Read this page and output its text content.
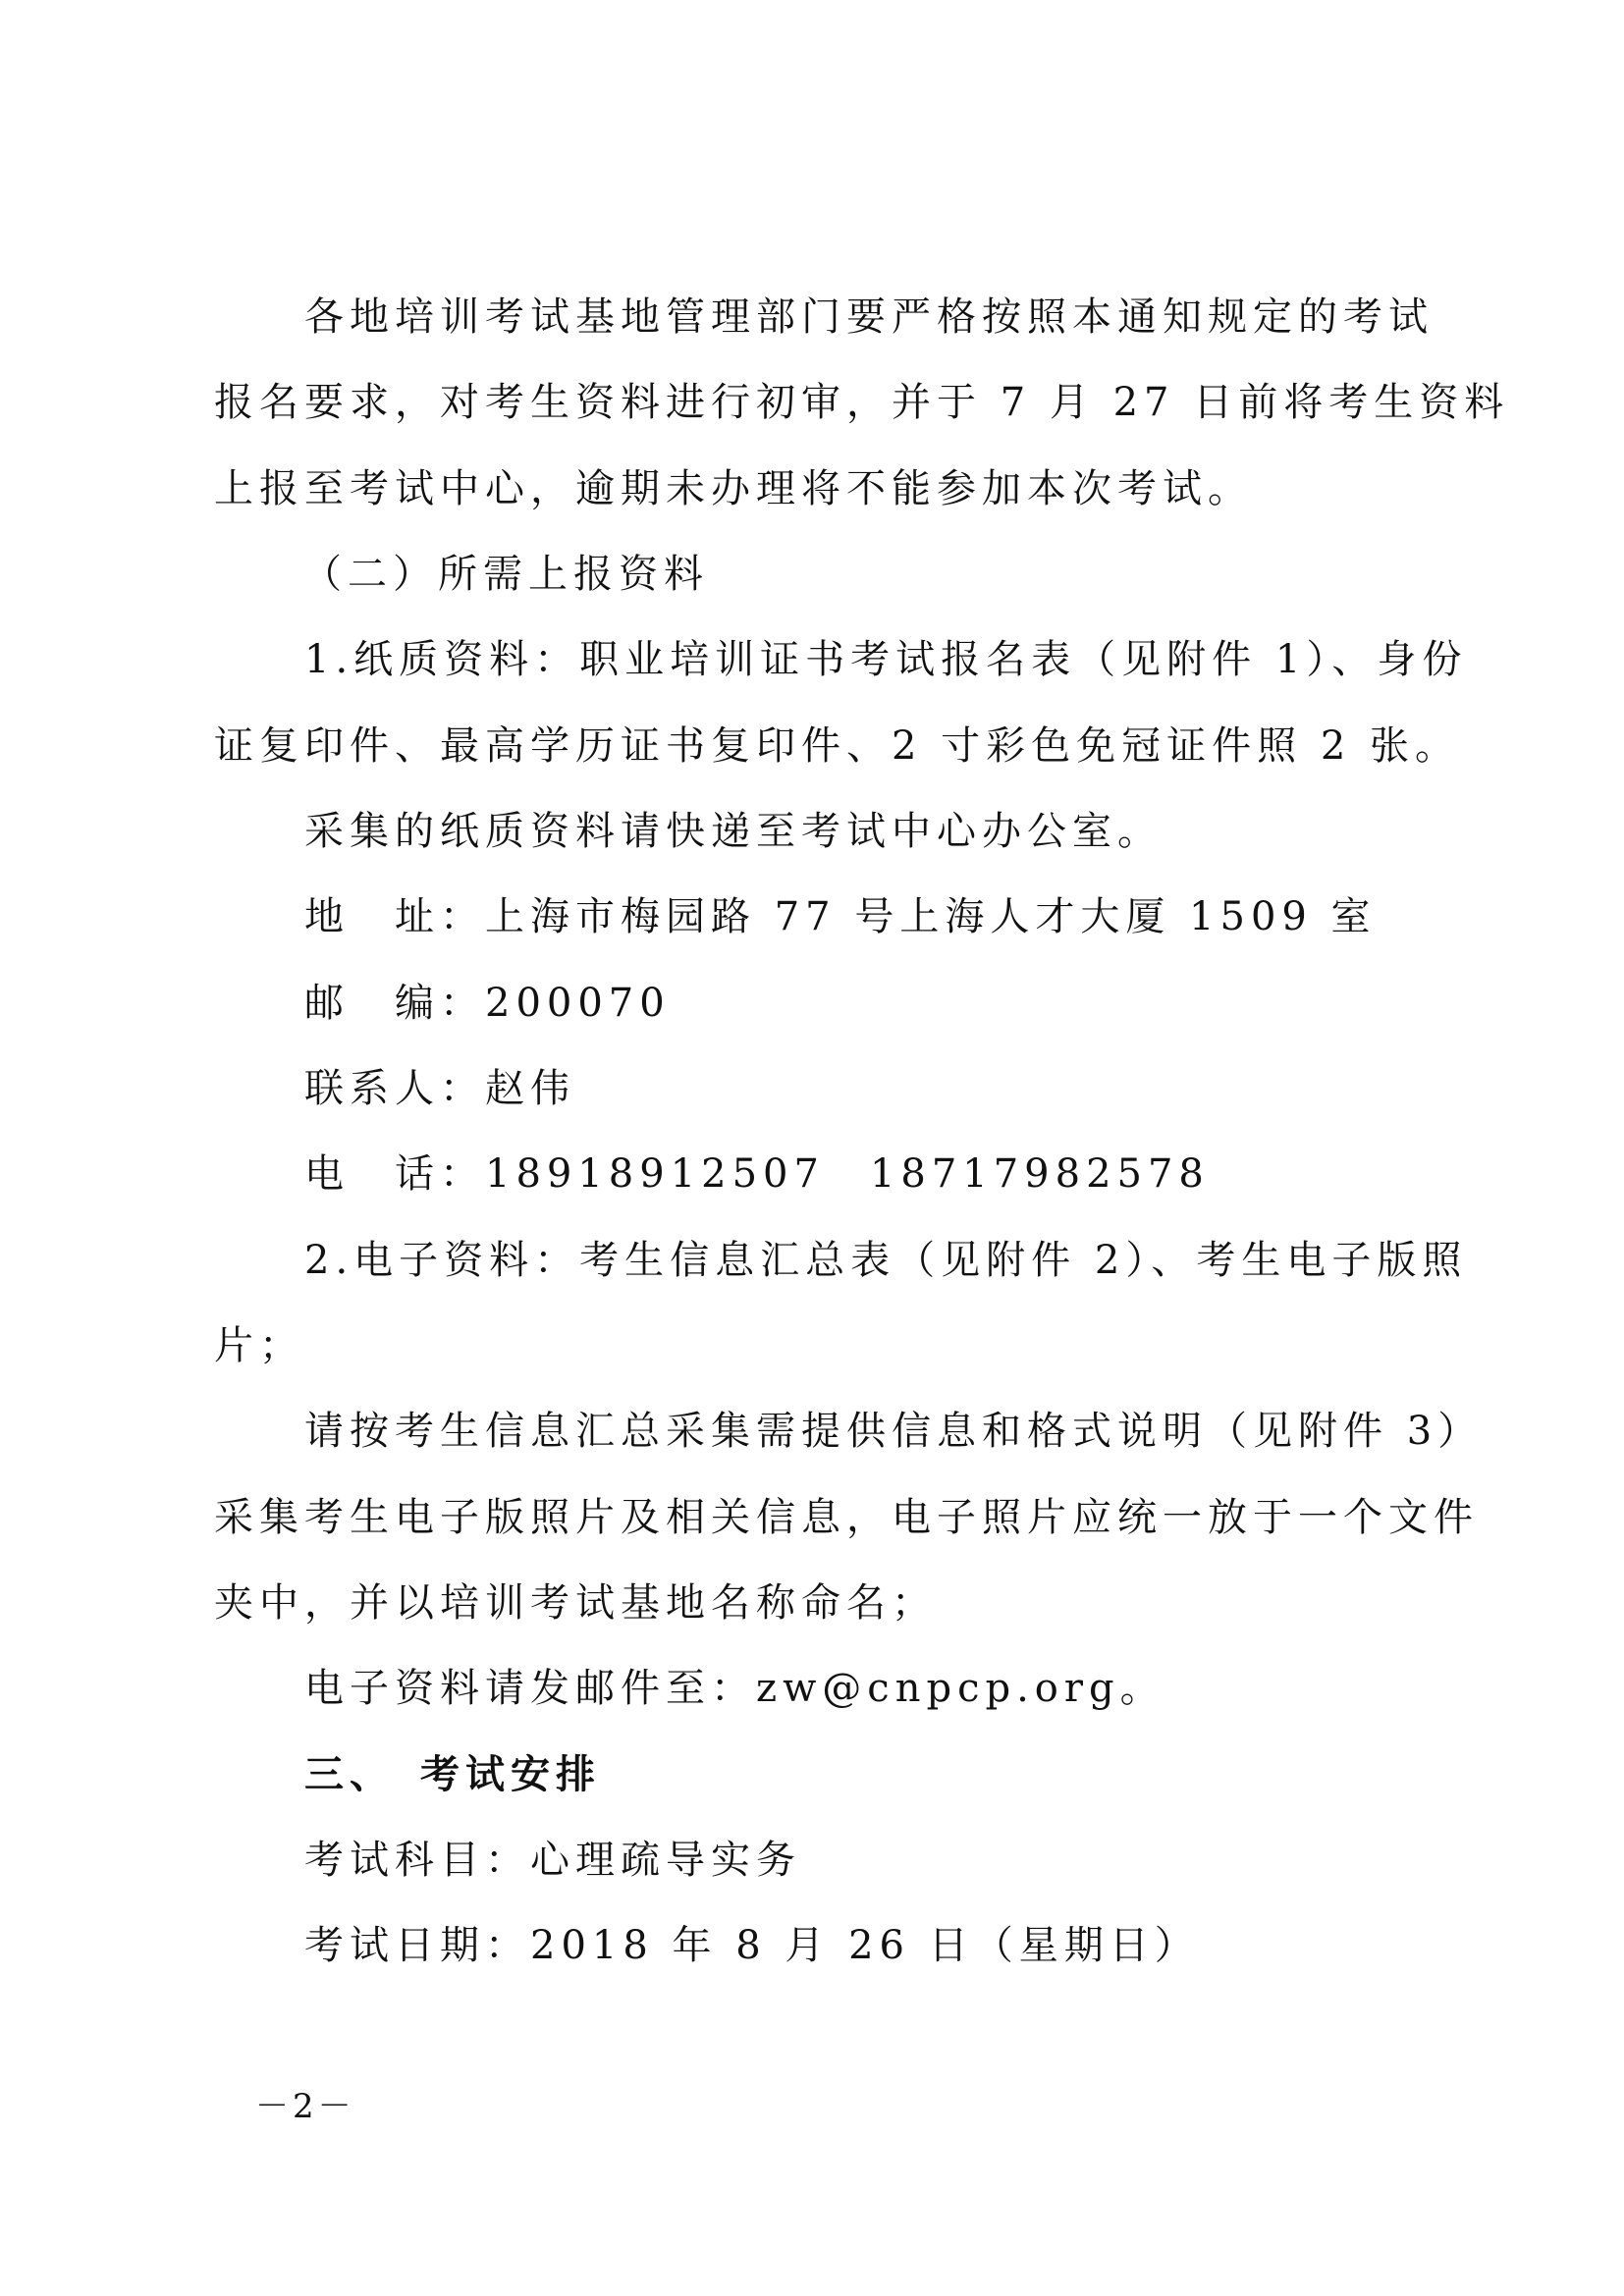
各地培训考试基地管理部门要严格按照本通知规定的考试
报名要求，对考生资料进行初审，并于 7 月 27 日前将考生资料
上报至考试中心，逾期未办理将不能参加本次考试。
（二）所需上报资料
1.纸质资料：职业培训证书考试报名表（见附件 1）、身份
证复印件、最高学历证书复印件、2 寸彩色免冠证件照 2 张。
采集的纸质资料请快递至考试中心办公室。
地　址：上海市梅园路 77 号上海人才大厦 1509 室
邮　编：200070
联系人：赵伟
电　话：18918912507　18717982578
2.电子资料：考生信息汇总表（见附件 2）、考生电子版照
片；
请按考生信息汇总采集需提供信息和格式说明（见附件 3）
采集考生电子版照片及相关信息，电子照片应统一放于一个文件
夹中，并以培训考试基地名称命名；
电子资料请发邮件至：zw@cnpcp.org。
三、　考试安排
考试科目：心理疏导实务
考试日期：2018 年 8 月 26 日（星期日）
－2－
